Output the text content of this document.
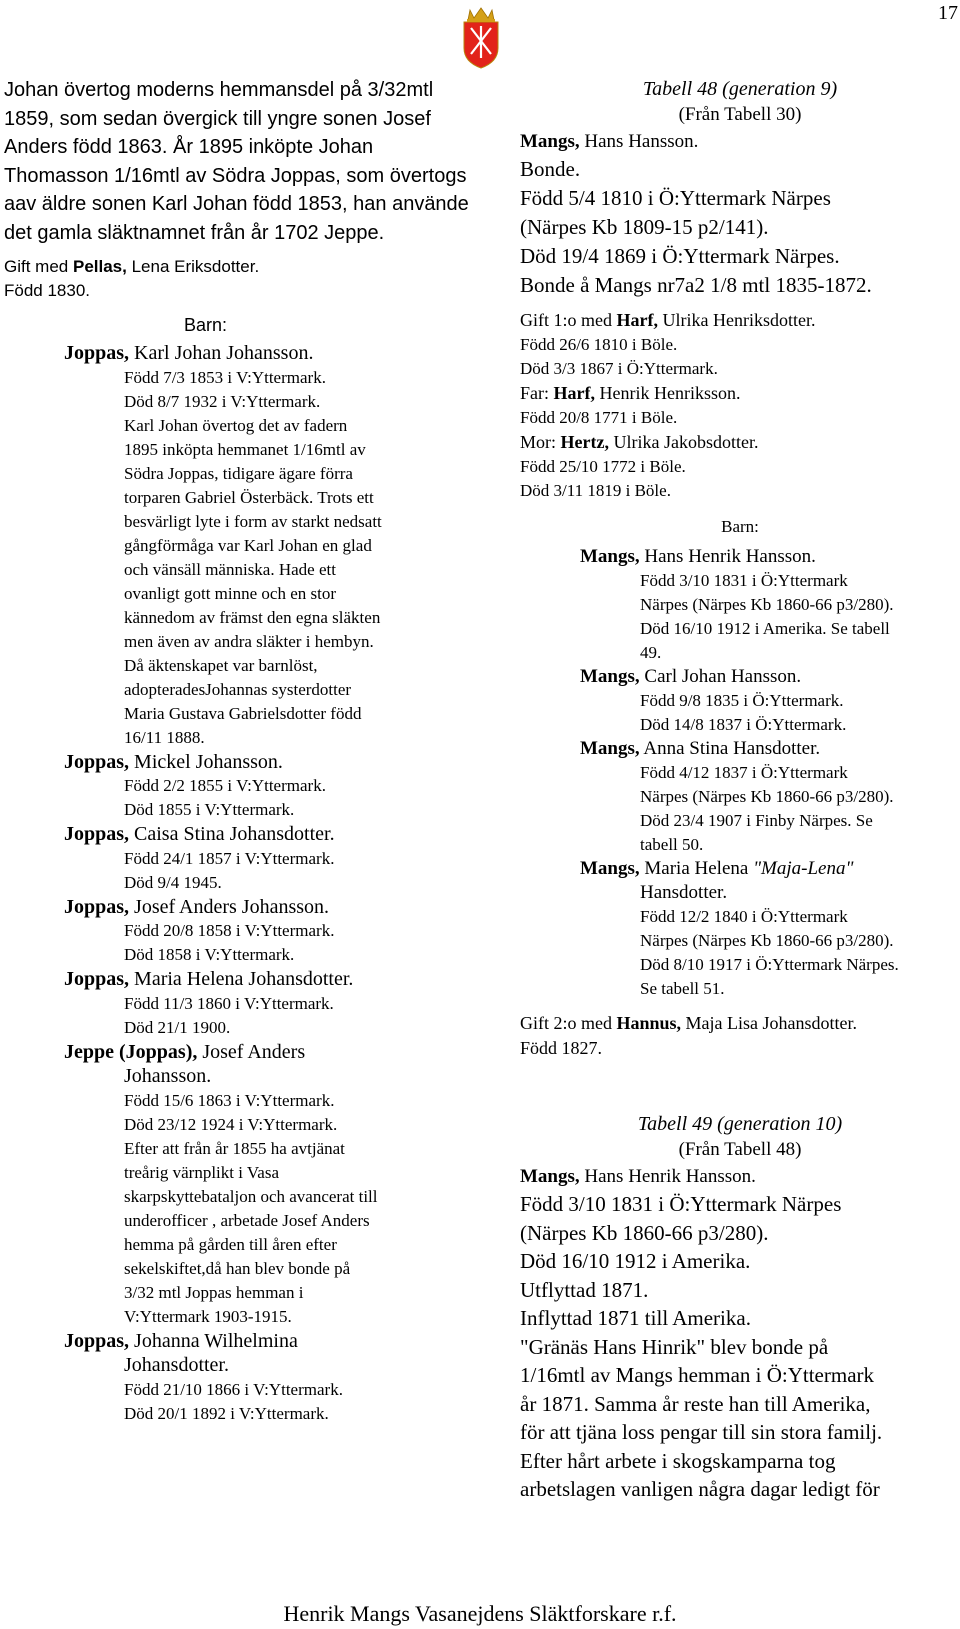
17

Johan övertog moderns hemmansdel på 3/32mtl 1859, som sedan övergick till yngre sonen Josef Anders född 1863. År 1895 inköpte Johan Thomasson 1/16mtl av Södra Joppas, som övertogs aav äldre sonen Karl Johan född 1853, han använde det gamla släktnamnet från år 1702 Jeppe.

Gift med Pellas, Lena Eriksdotter.
Född 1830.
Barn:
Joppas, Karl Johan Johansson.
Född 7/3 1853 i V:Yttermark.
Död 8/7 1932 i V:Yttermark.
Karl Johan övertog det av fadern
1895 inköpta hemmanet 1/16mtl av
Södra Joppas, tidigare ägare förra
torparen Gabriel Österbäck. Trots ett
besvärligt lyte i form av starkt nedsatt
gångförmåga var Karl Johan en glad
och vänsäll människa. Hade ett
ovanligt gott minne och en stor
kännedom av främst den egna släkten
men även av andra släkter i hembyn.
Då äktenskapet var barnlöst,
adopteradesJohannas systerdotter
Maria Gustava Gabrielsdotter född
16/11 1888.
Joppas, Mickel Johansson.
Född 2/2 1855 i V:Yttermark.
Död 1855 i V:Yttermark.
Joppas, Caisa Stina Johansdotter.
Född 24/1 1857 i V:Yttermark.
Död 9/4 1945.
Joppas, Josef Anders Johansson.
Född 20/8 1858 i V:Yttermark.
Död 1858 i V:Yttermark.
Joppas, Maria Helena Johansdotter.
Född 11/3 1860 i V:Yttermark.
Död 21/1 1900.
Jeppe (Joppas), Josef Anders
Johansson.
Född 15/6 1863 i V:Yttermark.
Död 23/12 1924 i V:Yttermark.
Efter att från år 1855 ha avtjänat
treårig värnplikt i Vasa
skarpskyttebataljon och avancerat till
underofficer , arbetade Josef Anders
hemma på gården till åren efter
sekelskiftet,då han blev bonde på
3/32 mtl Joppas hemman i
V:Yttermark 1903-1915.
Joppas, Johanna Wilhelmina
Johansdotter.
Född 21/10 1866 i V:Yttermark.
Död 20/1 1892 i V:Yttermark.
Tabell 48 (generation 9)
(Från Tabell 30)
Mangs, Hans Hansson.
Bonde.
Född 5/4 1810 i Ö:Yttermark Närpes
(Närpes Kb 1809-15 p2/141).
Död 19/4 1869 i Ö:Yttermark Närpes.
Bonde å Mangs nr7a2 1/8 mtl 1835-1872.
Gift 1:o med Harf, Ulrika Henriksdotter.
Född 26/6 1810 i Böle.
Död 3/3 1867 i Ö:Yttermark.
Far: Harf, Henrik Henriksson.
Född 20/8 1771 i Böle.
Mor: Hertz, Ulrika Jakobsdotter.
Född 25/10 1772 i Böle.
Död 3/11 1819 i Böle.
Barn:
Mangs, Hans Henrik Hansson.
Född 3/10 1831 i Ö:Yttermark
Närpes (Närpes Kb 1860-66 p3/280).
Död 16/10 1912 i Amerika. Se tabell
49.
Mangs, Carl Johan Hansson.
Född 9/8 1835 i Ö:Yttermark.
Död 14/8 1837 i Ö:Yttermark.
Mangs, Anna Stina Hansdotter.
Född 4/12 1837 i Ö:Yttermark
Närpes (Närpes Kb 1860-66 p3/280).
Död 23/4 1907 i Finby Närpes. Se
tabell 50.
Mangs, Maria Helena "Maja-Lena"
Hansdotter.
Född 12/2 1840 i Ö:Yttermark
Närpes (Närpes Kb 1860-66 p3/280).
Död 8/10 1917 i Ö:Yttermark Närpes.
Se tabell 51.
Gift 2:o med Hannus, Maja Lisa Johansdotter.
Född 1827.
Tabell 49 (generation 10)
(Från Tabell 48)
Mangs, Hans Henrik Hansson.
Född 3/10 1831 i Ö:Yttermark Närpes
(Närpes Kb 1860-66 p3/280).
Död 16/10 1912 i Amerika.
Utflyttad 1871.
Inflyttad 1871 till Amerika.
"Gränäs Hans Hinrik" blev bonde på
1/16mtl av Mangs hemman i Ö:Yttermark
år 1871. Samma år reste han till Amerika,
för att tjäna loss pengar till sin stora familj.
Efter hårt arbete i skogskamparna tog
arbetslagen vanligen några dagar ledigt för
Henrik Mangs Vasanejdens Släktforskare r.f.
